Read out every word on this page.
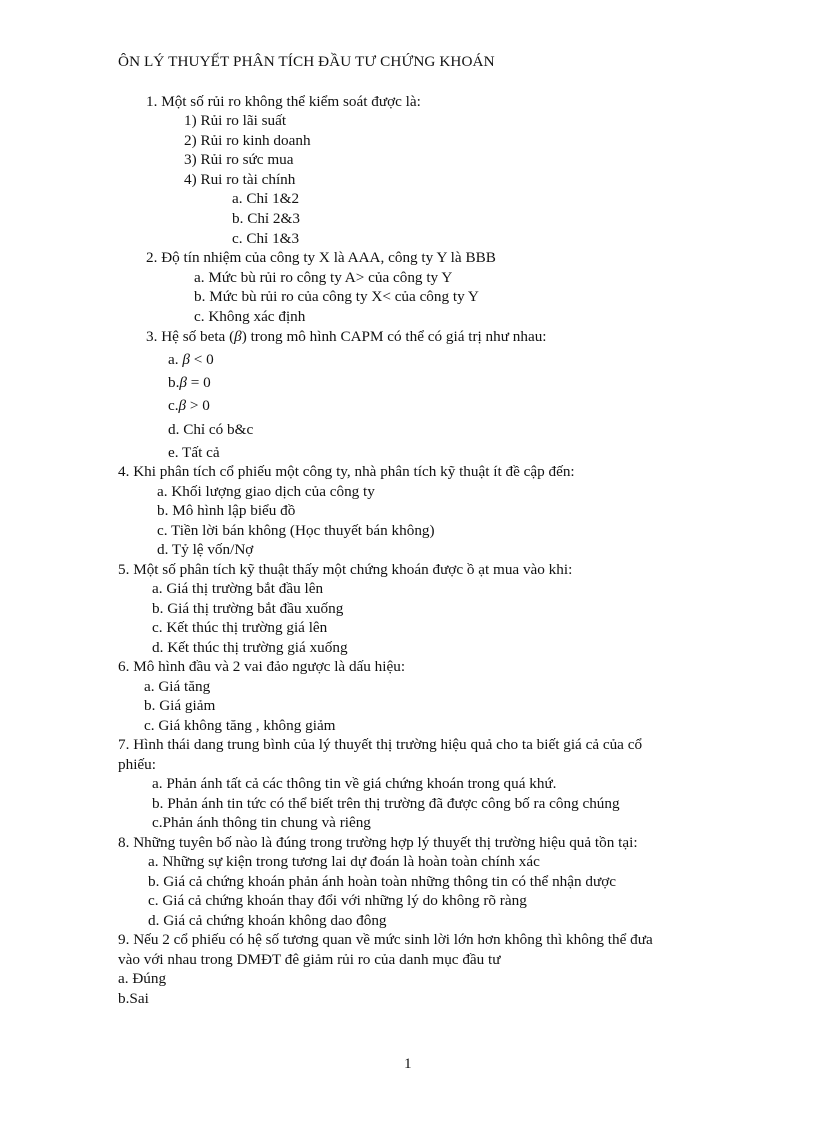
ÔN LÝ THUYẾT PHÂN TÍCH ĐẦU TƯ CHỨNG KHOÁN
1. Một số rủi ro không thể kiểm soát được là:
1) Rủi ro lãi suất
2) Rủi ro kinh doanh
3) Rủi ro sức mua
4) Rui ro tài chính
a. Chỉ 1&2
b. Chỉ 2&3
c. Chỉ 1&3
2. Độ tín nhiệm của công ty X là AAA, công ty Y là BBB
a. Mức bù rủi ro công ty A> của công ty Y
b. Mức bù rủi ro của công ty X< của công ty Y
c. Không xác định
3. Hệ số beta (β) trong mô hình CAPM có thể có giá trị như nhau:
a. β < 0
b.β = 0
c.β > 0
d. Chỉ có b&c
e. Tất cả
4. Khi phân tích cổ phiếu một công ty, nhà phân tích kỹ thuật ít đề cập đến:
a. Khối lượng giao dịch của công ty
b. Mô hình lập biểu đồ
c. Tiền lời bán không (Học thuyết bán không)
d. Tỷ lệ vốn/Nợ
5. Một số phân tích kỹ thuật thấy một chứng khoán được ồ ạt mua vào khi:
a. Giá thị trường bắt đầu lên
b. Giá thị trường bắt đầu xuống
c. Kết thúc thị trường giá lên
d. Kết thúc thị trường giá xuống
6. Mô hình đầu và 2 vai đảo ngược là dấu hiệu:
a. Giá tăng
b. Giá giảm
c. Giá không tăng , không giảm
7. Hình thái dang trung bình của lý thuyết thị trường hiệu quả cho ta biết giá cả của cổ
phiếu:
a. Phản ánh tất cả các thông tin về giá chứng khoán trong quá khứ.
b. Phản ánh tin tức có thể biết trên thị trường đã được công bố ra công chúng
c.Phản ánh thông tin chung và riêng
8. Những tuyên bố nào là đúng trong trường hợp lý thuyết thị trường hiệu quả tồn tại:
a. Những sự kiện trong tương lai dự đoán là hoàn toàn chính xác
b. Giá cả chứng khoán phản ánh hoàn toàn những thông tin có thể nhận dược
c. Giá cả chứng khoán thay đổi với những lý do không rõ ràng
d. Giá cả chứng khoán không dao đông
9. Nếu 2 cổ phiếu có hệ số tương quan về mức sinh lời lớn hơn không thì không thể đưa
vào với nhau trong DMĐT đê giảm rủi ro của danh mục đầu tư
a. Đúng
b.Sai
1
